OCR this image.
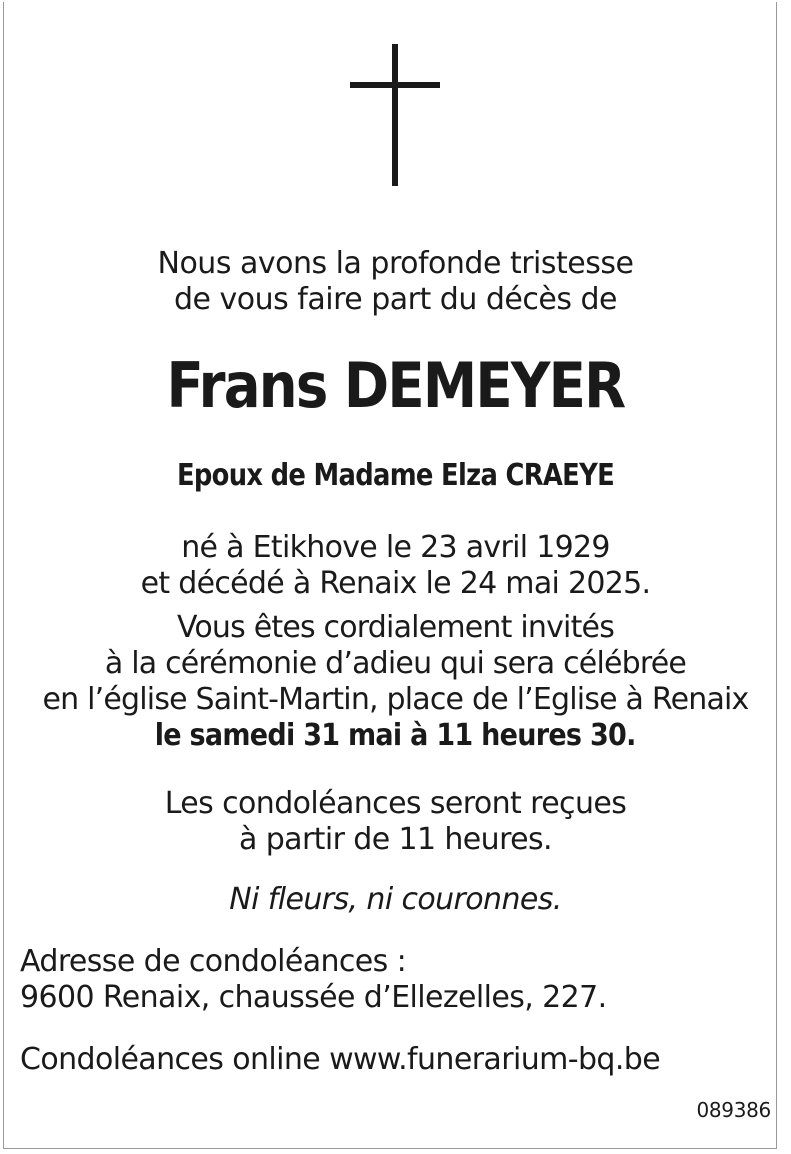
Nous avons la profonde tristesse
de vous faire part du décès de
Frans DEMEYER
Epoux de Madame Elza CRAEYE
né à Etikhove le 23 avril 1929
et décédé à Renaix le 24 mai 2025.
Vous êtes cordialement invités
à la cérémonie d’adieu qui sera célébrée
en l’église Saint-Martin, place de l’Eglise à Renaix
le samedi 31 mai à 11 heures 30.
Les condoléances seront reçues
à partir de 11 heures.
Ni fleurs, ni couronnes.
Adresse de condoléances :
9600 Renaix, chaussée d’Ellezelles, 227.
Condoléances online www.funerarium-bq.be
089386
